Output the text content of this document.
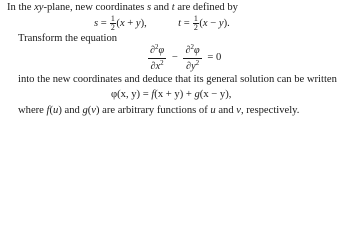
In the xy-plane, new coordinates s and t are defined by
$s = \frac{1}{2} (x + y)$,	$t = \frac{1}{2} (x - y)$.
Transform the equation
$\frac{\partial^2\varphi}{\partial x^2} - \frac{\partial^2\varphi}{\partial y^2} = 0$
into the new coordinates and deduce that its general solution can be written
φ(x, y) = f(x + y) + g(x − y),
where f(u) and g(v) are arbitrary functions of u and v, respectively.
